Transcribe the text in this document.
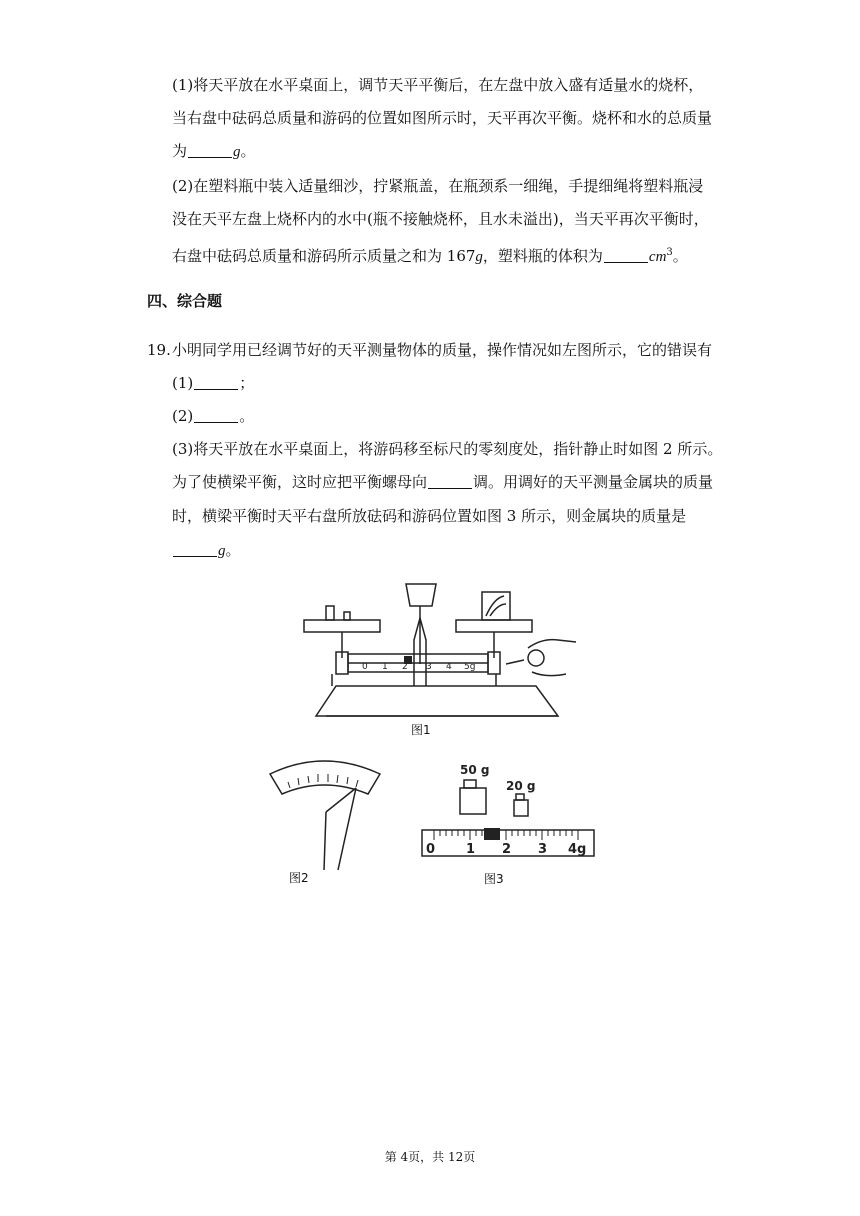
(1)将天平放在水平桌面上，调节天平平衡后，在左盘中放入盛有适量水的烧杯，
当右盘中砝码总质量和游码的位置如图所示时，天平再次平衡。烧杯和水的总质量
为	g。
(2)在塑料瓶中装入适量细沙，拧紧瓶盖，在瓶颈系一细绳，手提细绳将塑料瓶浸
没在天平左盘上烧杯内的水中(瓶不接触烧杯，且水未溢出)，当天平再次平衡时，
右盘中砝码总质量和游码所示质量之和为 167g，塑料瓶的体积为	$cm^3$。
四、综合题
19. 小明同学用已经调节好的天平测量物体的质量，操作情况如左图所示，它的错误有
(1)	；
(2)	。
(3)将天平放在水平桌面上，将游码移至标尺的零刻度处，指针静止时如图 2 所示。
为了使横梁平衡，这时应把平衡螺母向	调。用调好的天平测量金属块的质量
时，横梁平衡时天平右盘所放砝码和游码位置如图 3 所示，则金属块的质量是
g。
0 1 2 3 4 5g
图1
图2
50 g
20 g
0 1 2 3 4g
图3
第 4页，共 12页
